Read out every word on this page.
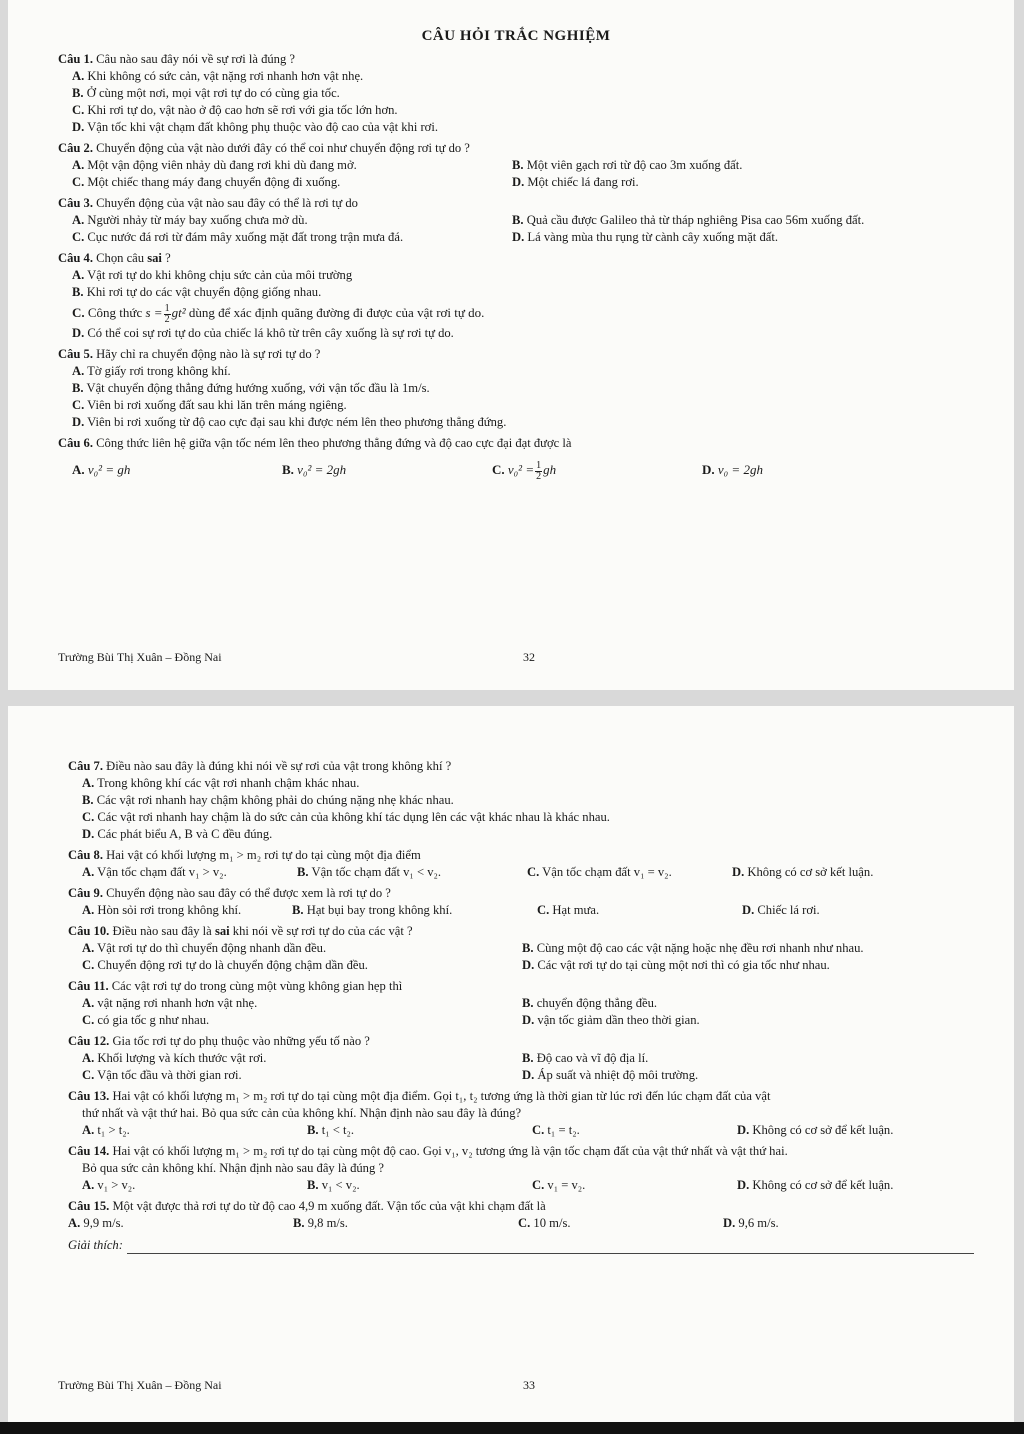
CÂU HỎI TRẮC NGHIỆM

Câu 1. Câu nào sau đây nói về sự rơi là đúng ?

A. Khi không có sức cản, vật nặng rơi nhanh hơn vật nhẹ.

B. Ở cùng một nơi, mọi vật rơi tự do có cùng gia tốc.

C. Khi rơi tự do, vật nào ở độ cao hơn sẽ rơi với gia tốc lớn hơn.

D. Vận tốc khi vật chạm đất không phụ thuộc vào độ cao của vật khi rơi.

Câu 2. Chuyển động của vật nào dưới đây có thể coi như chuyển động rơi tự do ?

A. Một vận động viên nhảy dù đang rơi khi dù đang mở.	B. Một viên gạch rơi từ độ cao 3m xuống đất.

C. Một chiếc thang máy đang chuyển động đi xuống.	D. Một chiếc lá đang rơi.

Câu 3. Chuyển động của vật nào sau đây có thể là rơi tự do

A. Người nhảy từ máy bay xuống chưa mở dù.	B. Quả cầu được Galileo thả từ tháp nghiêng Pisa cao 56m xuống đất.

C. Cục nước đá rơi từ đám mây xuống mặt đất trong trận mưa đá.	D. Lá vàng mùa thu rụng từ cành cây xuống mặt đất.

Câu 4. Chọn câu sai ?

A. Vật rơi tự do khi không chịu sức cản của môi trường

B. Khi rơi tự do các vật chuyển động giống nhau.

C. Công thức $s = \frac{1}{2} gt^2$ dùng để xác định quãng đường đi được của vật rơi tự do.

D. Có thể coi sự rơi tự do của chiếc lá khô từ trên cây xuống là sự rơi tự do.

Câu 5. Hãy chỉ ra chuyển động nào là sự rơi tự do ?

A. Tờ giấy rơi trong không khí.

B. Vật chuyển động thẳng đứng hướng xuống, với vận tốc đầu là 1m/s.

C. Viên bi rơi xuống đất sau khi lăn trên máng ngiêng.

D. Viên bi rơi xuống từ độ cao cực đại sau khi được ném lên theo phương thẳng đứng.

Câu 6. Công thức liên hệ giữa vận tốc ném lên theo phương thẳng đứng và độ cao cực đại đạt được là

A. v₀² = gh	B. v₀² = 2gh	C. $v_0^2 = \frac{1}{2}$ gh	D. v₀ = 2gh

Trường Bùi Thị Xuân – Đồng Nai	32

Câu 7. Điều nào sau đây là đúng khi nói về sự rơi của vật trong không khí ?

A. Trong không khí các vật rơi nhanh chậm khác nhau.

B. Các vật rơi nhanh hay chậm không phải do chúng nặng nhẹ khác nhau.

C. Các vật rơi nhanh hay chậm là do sức cản của không khí tác dụng lên các vật khác nhau là khác nhau.

D. Các phát biểu A, B và C đều đúng.

Câu 8. Hai vật có khối lượng m₁ > m₂ rơi tự do tại cùng một địa điểm

A. Vận tốc chạm đất v₁ > v₂.	B. Vận tốc chạm đất v₁ < v₂.	C. Vận tốc chạm đất v₁ = v₂.	D. Không có cơ sở kết luận.

Câu 9. Chuyển động nào sau đây có thể được xem là rơi tự do ?

A. Hòn sỏi rơi trong không khí.	B. Hạt bụi bay trong không khí.	C. Hạt mưa.	D. Chiếc lá rơi.

Câu 10. Điều nào sau đây là sai khi nói về sự rơi tự do của các vật ?

A. Vật rơi tự do thì chuyển động nhanh dần đều.	B. Cùng một độ cao các vật nặng hoặc nhẹ đều rơi nhanh như nhau.

C. Chuyển động rơi tự do là chuyển động chậm dần đều.	D. Các vật rơi tự do tại cùng một nơi thì có gia tốc như nhau.

Câu 11. Các vật rơi tự do trong cùng một vùng không gian hẹp thì

A. vật nặng rơi nhanh hơn vật nhẹ.	B. chuyển động thẳng đều.

C. có gia tốc g như nhau.	D. vận tốc giảm dần theo thời gian.

Câu 12. Gia tốc rơi tự do phụ thuộc vào những yếu tố nào ?

A. Khối lượng và kích thước vật rơi.	B. Độ cao và vĩ độ địa lí.

C. Vận tốc đầu và thời gian rơi.	D. Áp suất và nhiệt độ môi trường.

Câu 13. Hai vật có khối lượng m₁ > m₂ rơi tự do tại cùng một địa điểm. Gọi t₁, t₂ tương ứng là thời gian từ lúc rơi đến lúc chạm đất của vật

thứ nhất và vật thứ hai. Bỏ qua sức cản của không khí. Nhận định nào sau đây là đúng?

A. t₁ > t₂.	B. t₁ < t₂.	C. t₁ = t₂.	D. Không có cơ sở để kết luận.

Câu 14. Hai vật có khối lượng m₁ > m₂ rơi tự do tại cùng một độ cao. Gọi v₁, v₂ tương ứng là vận tốc chạm đất của vật thứ nhất và vật thứ hai.

Bỏ qua sức cản không khí. Nhận định nào sau đây là đúng ?

A. v₁ > v₂.	B. v₁ < v₂.	C. v₁ = v₂.	D. Không có cơ sở để kết luận.

Câu 15. Một vật được thả rơi tự do từ độ cao 4,9 m xuống đất. Vận tốc của vật khi chạm đất là

A. 9,9 m/s.	B. 9,8 m/s.	C. 10 m/s.	D. 9,6 m/s.

Giải thích:
Trường Bùi Thị Xuân – Đồng Nai	33
